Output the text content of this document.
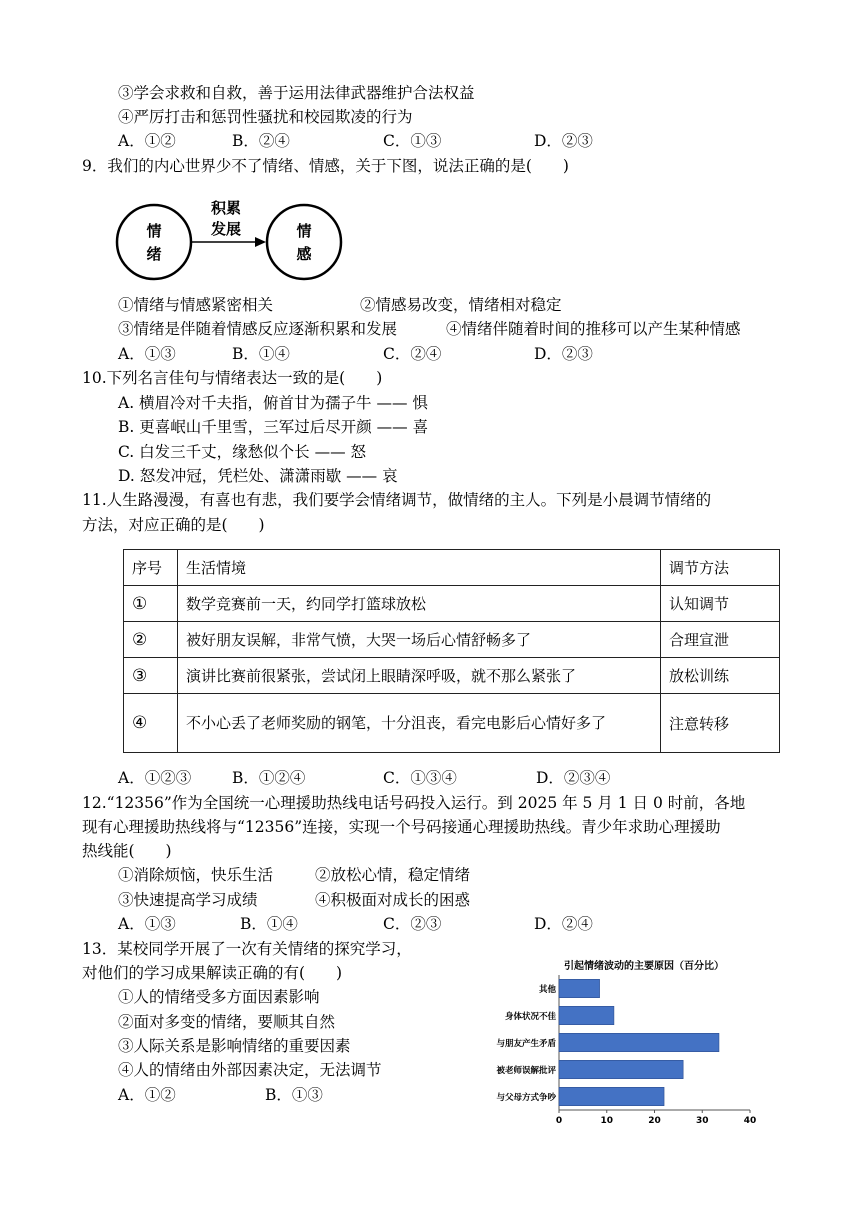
③学会求救和自救，善于运用法律武器维护合法权益
④严厉打击和惩罚性骚扰和校园欺凌的行为
A．①②	B．②④	C．①③	D．②③
9．我们的内心世界少不了情绪、情感，关于下图，说法正确的是(　　)
情
绪
积累
发展	情
感
①情绪与情感紧密相关	②情感易改变，情绪相对稳定
③情绪是伴随着情感反应逐渐积累和发展	④情绪伴随着时间的推移可以产生某种情感
A．①③	B．①④	C．②④	D．②③
10.下列名言佳句与情绪表达一致的是(　　)
A. 横眉冷对千夫指，俯首甘为孺子牛 —— 惧
B. 更喜岷山千里雪，三军过后尽开颜 —— 喜
C. 白发三千丈，缘愁似个长 —— 怒
D. 怒发冲冠，凭栏处、潇潇雨歇 —— 哀
11.人生路漫漫，有喜也有悲，我们要学会情绪调节，做情绪的主人。下列是小晨调节情绪的
方法，对应正确的是(　　)
序号	生活情境	调节方法
①	数学竞赛前一天，约同学打篮球放松	认知调节
②	被好朋友误解，非常气愤，大哭一场后心情舒畅多了	合理宣泄
③	演讲比赛前很紧张，尝试闭上眼睛深呼吸，就不那么紧张了	放松训练
④	不小心丢了老师奖励的钢笔，十分沮丧，看完电影后心情好多了	注意转移
A．①②③	B．①②④	C．①③④	D．②③④
12.“12356”作为全国统一心理援助热线电话号码投入运行。到 2025 年 5 月 1 日 0 时前，各地
现有心理援助热线将与“12356”连接，实现一个号码接通心理援助热线。青少年求助心理援助
热线能(　　)
①消除烦恼，快乐生活	②放松心情，稳定情绪
③快速提高学习成绩	④积极面对成长的困惑
A．①③	B．①④	C．②③	D．②④
13．某校同学开展了一次有关情绪的探究学习，
对他们的学习成果解读正确的有(　　)
①人的情绪受多方面因素影响
②面对多变的情绪，要顺其自然
③人际关系是影响情绪的重要因素
④人的情绪由外部因素决定，无法调节
A．①②	B．①③
引起情绪波动的主要原因（百分比）
其他
身体状况不佳
与朋友产生矛盾
被老师误解批评
与父母方式争吵
0	10	20	30	40
